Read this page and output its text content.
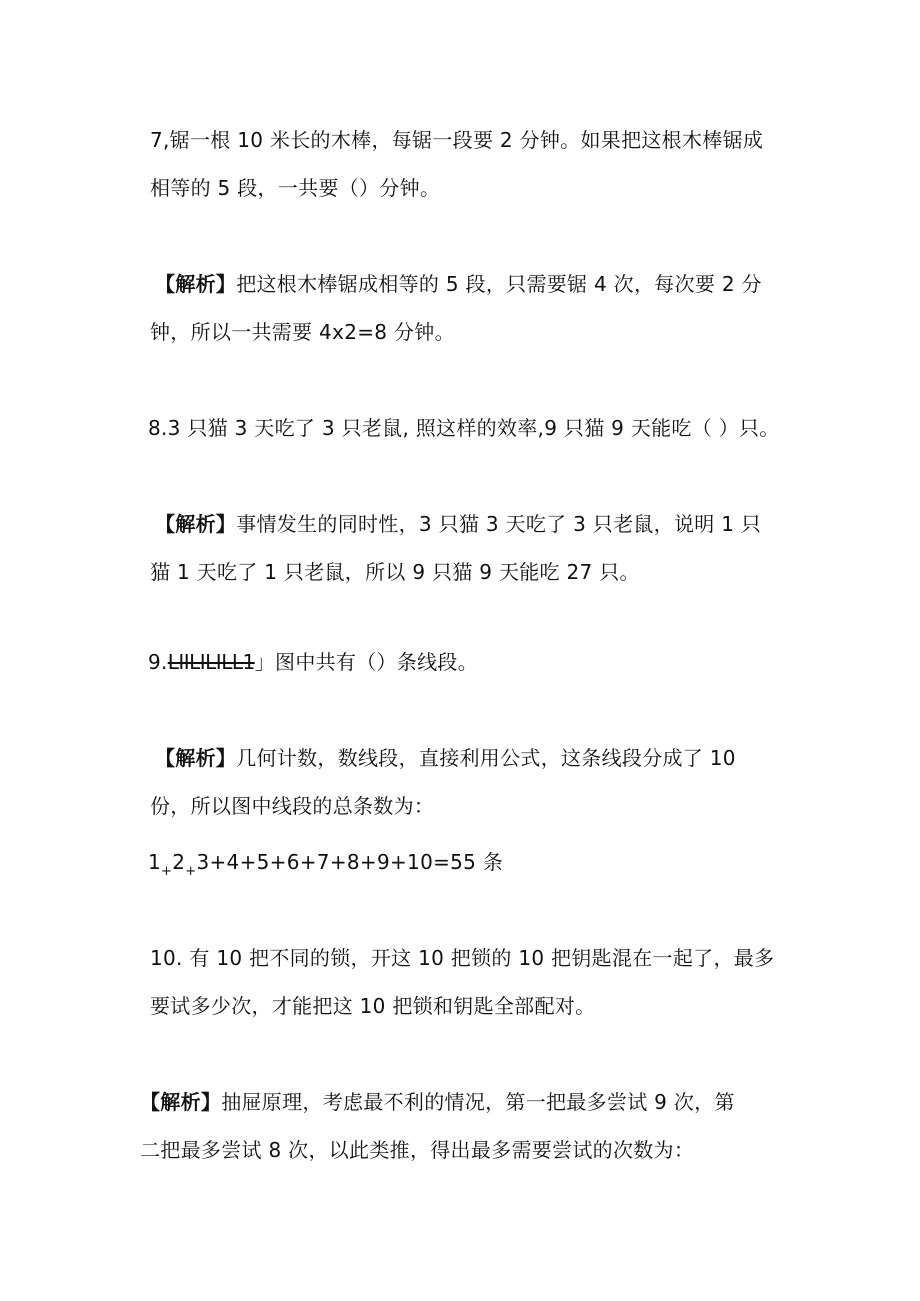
7,锯一根 10 米长的木棒，每锯一段要 2 分钟。如果把这根木棒锯成
相等的 5 段，一共要（）分钟。
【解析】把这根木棒锯成相等的 5 段，只需要锯 4 次，每次要 2 分
钟，所以一共需要 4x2=8 分钟。
8.3 只猫 3 天吃了 3 只老鼠, 照这样的效率,9 只猫 9 天能吃（ ）只。
【解析】事情发生的同时性，3 只猫 3 天吃了 3 只老鼠，说明 1 只
猫 1 天吃了 1 只老鼠，所以 9 只猫 9 天能吃 27 只。
9.LIILILILL1」图中共有（）条线段。
【解析】几何计数，数线段，直接利用公式，这条线段分成了 10
份，所以图中线段的总条数为：
$1_+2_+3+4+5+6+7+8+9+10=55$ 条
10. 有 10 把不同的锁，开这 10 把锁的 10 把钥匙混在一起了，最多
要试多少次，才能把这 10 把锁和钥匙全部配对。
【解析】抽屉原理，考虑最不利的情况，第一把最多尝试 9 次，第
二把最多尝试 8 次，以此类推，得出最多需要尝试的次数为：
